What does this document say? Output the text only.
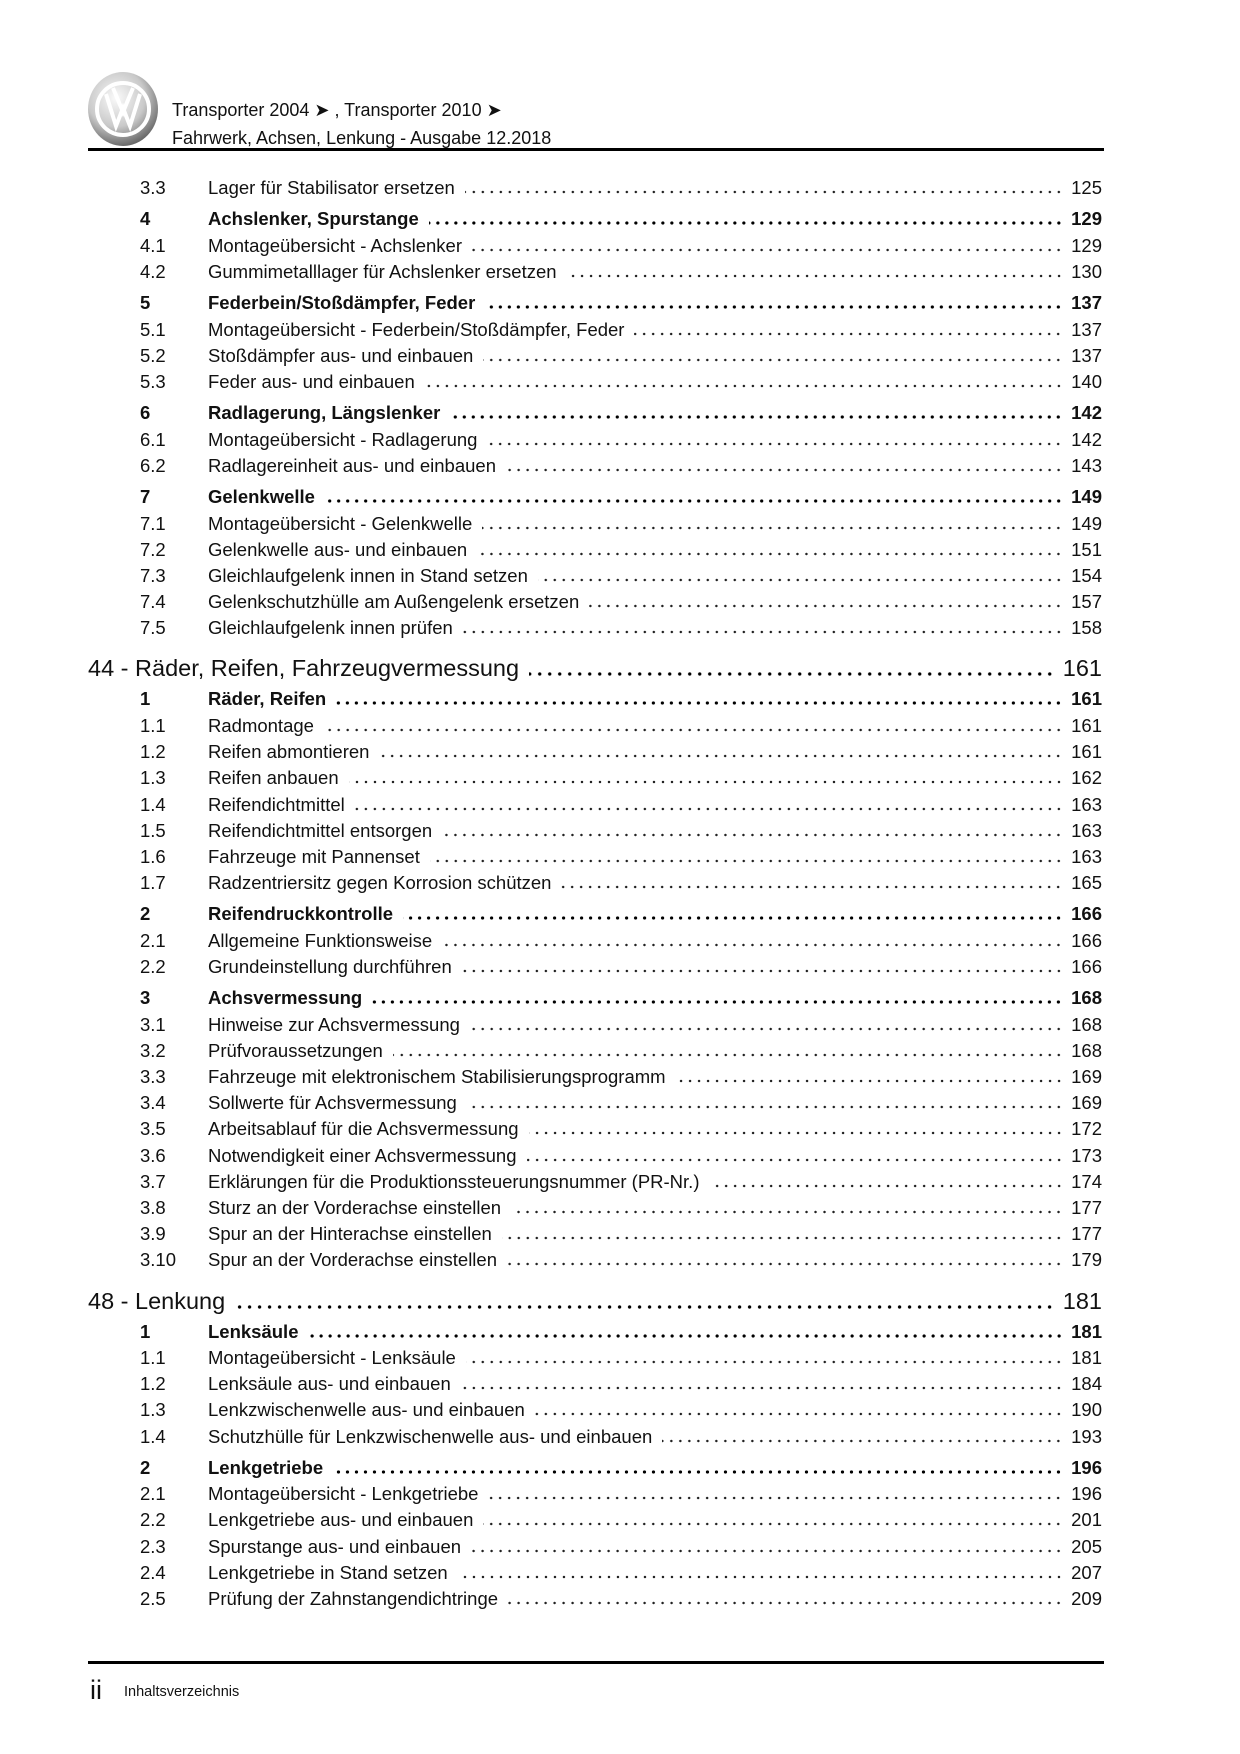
Transporter 2004 ➤ , Transporter 2010 ➤
Fahrwerk, Achsen, Lenkung - Ausgabe 12.2018
3.3	Lager für Stabilisator ersetzen	125
4	Achslenker, Spurstange	129
4.1	Montageübersicht - Achslenker	129
4.2	Gummimetalllager für Achslenker ersetzen	130
5	Federbein/Stoßdämpfer, Feder	137
5.1	Montageübersicht - Federbein/Stoßdämpfer, Feder	137
5.2	Stoßdämpfer aus- und einbauen	137
5.3	Feder aus- und einbauen	140
6	Radlagerung, Längslenker	142
6.1	Montageübersicht - Radlagerung	142
6.2	Radlagereinheit aus- und einbauen	143
7	Gelenkwelle	149
7.1	Montageübersicht - Gelenkwelle	149
7.2	Gelenkwelle aus- und einbauen	151
7.3	Gleichlaufgelenk innen in Stand setzen	154
7.4	Gelenkschutzhülle am Außengelenk ersetzen	157
7.5	Gleichlaufgelenk innen prüfen	158
44 - Räder, Reifen, Fahrzeugvermessung	161
1	Räder, Reifen	161
1.1	Radmontage	161
1.2	Reifen abmontieren	161
1.3	Reifen anbauen	162
1.4	Reifendichtmittel	163
1.5	Reifendichtmittel entsorgen	163
1.6	Fahrzeuge mit Pannenset	163
1.7	Radzentriersitz gegen Korrosion schützen	165
2	Reifendruckkontrolle	166
2.1	Allgemeine Funktionsweise	166
2.2	Grundeinstellung durchführen	166
3	Achsvermessung	168
3.1	Hinweise zur Achsvermessung	168
3.2	Prüfvoraussetzungen	168
3.3	Fahrzeuge mit elektronischem Stabilisierungsprogramm	169
3.4	Sollwerte für Achsvermessung	169
3.5	Arbeitsablauf für die Achsvermessung	172
3.6	Notwendigkeit einer Achsvermessung	173
3.7	Erklärungen für die Produktionssteuerungsnummer (PR-Nr.)	174
3.8	Sturz an der Vorderachse einstellen	177
3.9	Spur an der Hinterachse einstellen	177
3.10	Spur an der Vorderachse einstellen	179
48 - Lenkung	181
1	Lenksäule	181
1.1	Montageübersicht - Lenksäule	181
1.2	Lenksäule aus- und einbauen	184
1.3	Lenkzwischenwelle aus- und einbauen	190
1.4	Schutzhülle für Lenkzwischenwelle aus- und einbauen	193
2	Lenkgetriebe	196
2.1	Montageübersicht - Lenkgetriebe	196
2.2	Lenkgetriebe aus- und einbauen	201
2.3	Spurstange aus- und einbauen	205
2.4	Lenkgetriebe in Stand setzen	207
2.5	Prüfung der Zahnstangendichtringe	209
ii Inhaltsverzeichnis
